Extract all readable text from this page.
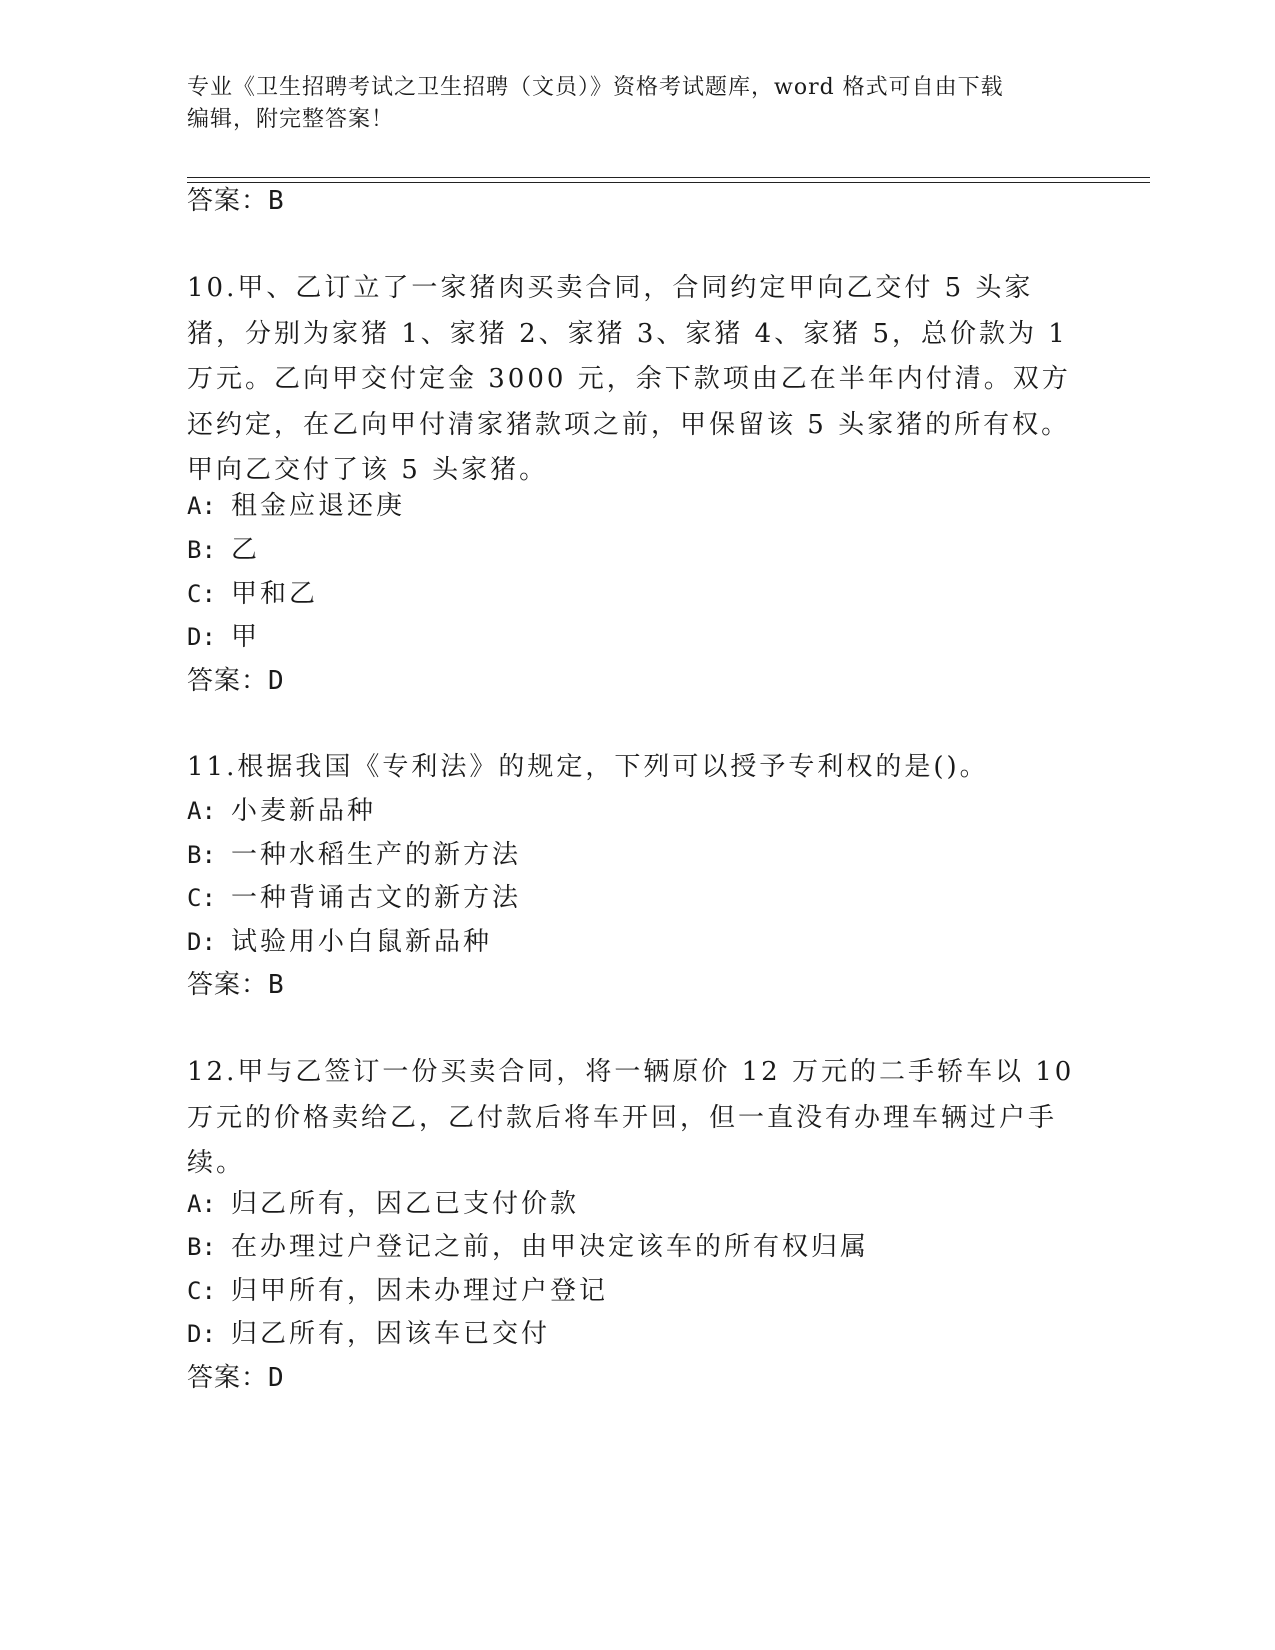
专业《卫生招聘考试之卫生招聘（文员）》资格考试题库，word 格式可自由下载
编辑，附完整答案！
答案：B
10.甲、乙订立了一家猪肉买卖合同，合同约定甲向乙交付 5 头家猪，分别为家猪 1、家猪 2、家猪 3、家猪 4、家猪 5，总价款为 1 万元。乙向甲交付定金 3000 元，余下款项由乙在半年内付清。双方还约定，在乙向甲付清家猪款项之前，甲保留该 5 头家猪的所有权。甲向乙交付了该 5 头家猪。
A: 租金应退还庚
B: 乙
C: 甲和乙
D: 甲
答案：D
11.根据我国《专利法》的规定，下列可以授予专利权的是()。
A: 小麦新品种
B: 一种水稻生产的新方法
C: 一种背诵古文的新方法
D: 试验用小白鼠新品种
答案：B
12.甲与乙签订一份买卖合同，将一辆原价 12 万元的二手轿车以 10 万元的价格卖给乙，乙付款后将车开回，但一直没有办理车辆过户手续。
A: 归乙所有，因乙已支付价款
B: 在办理过户登记之前，由甲决定该车的所有权归属
C: 归甲所有，因未办理过户登记
D: 归乙所有，因该车已交付
答案：D
